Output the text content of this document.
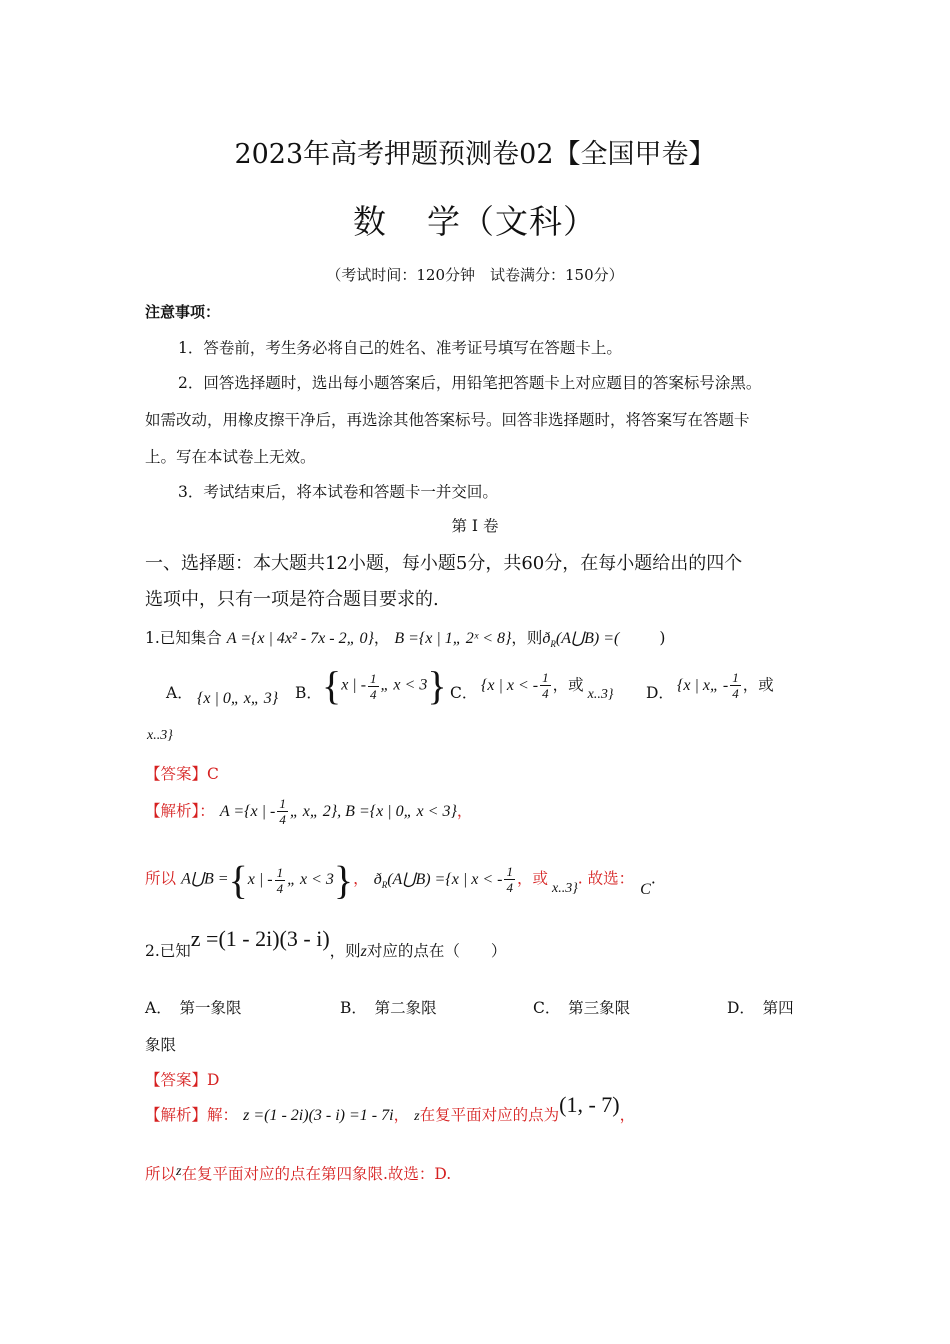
2023年高考押题预测卷02【全国甲卷】
数 学（文科）
（考试时间：120分钟　试卷满分：150分）
注意事项：
1．答卷前，考生务必将自己的姓名、准考证号填写在答题卡上。
2．回答选择题时，选出每小题答案后，用铅笔把答题卡上对应题目的答案标号涂黑。
如需改动，用橡皮擦干净后，再选涂其他答案标号。回答非选择题时，将答案写在答题卡
上。写在本试卷上无效。
3．考试结束后，将本试卷和答题卡一并交回。
第 I 卷
一、选择题：本大题共12小题，每小题5分，共60分，在每小题给出的四个
选项中，只有一项是符合题目要求的.
1.已知集合 A ={x | 4x² - 7x - 2„ 0}， B ={x | 1„ 2ˣ < 8}，则$ð_R(A⋃B)$ =(	)
A． {x | 0„ x„ 3} B． {x | - $\frac{1}{4}$ „ x < 3} C． {x | x < - $\frac{1}{4}$ ，或x..3} D． {x | x„ - $\frac{1}{4}$ ，或
x..3}
【答案】C
【解析】： A ={x | - $\frac{1}{4}$ „ x„ 2}, B ={x | 0„ x < 3}，
所以 A⋃B ={x | - $\frac{1}{4}$ „ x < 3}， $ð_R(A⋃B) =\{x$ | x < - $\frac{1}{4}$ ，或x..3}. 故选：C.
2.已知z =(1 - 2i)(3 - i)，则z对应的点在（　　）
A．　第一象限	B．　第二象限	C．　第三象限	D．　第四
象限
【答案】D
【解析】解： z =(1 - 2i)(3 - i) =1 - 7i， z在复平面对应的点为(1, - 7)，
所以z在复平面对应的点在第四象限.故选：D.
